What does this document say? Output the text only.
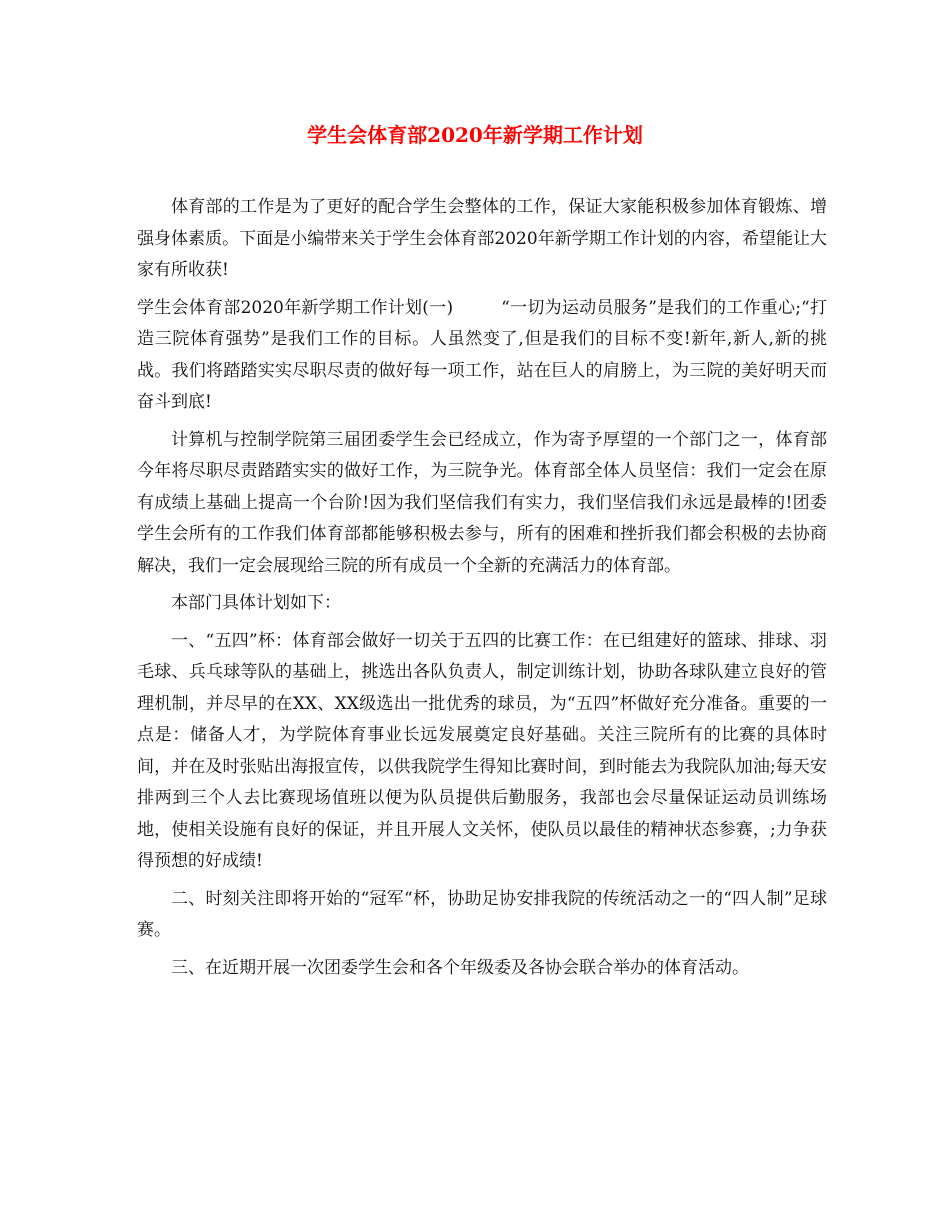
学生会体育部2020年新学期工作计划

体育部的工作是为了更好的配合学生会整体的工作，保证大家能积极参加体育锻炼、增强身体素质。下面是小编带来关于学生会体育部2020年新学期工作计划的内容，希望能让大家有所收获!

学生会体育部2020年新学期工作计划(一)	“一切为运动员服务”是我们的工作重心;“打造三院体育强势”是我们工作的目标。人虽然变了,但是我们的目标不变!新年,新人,新的挑战。我们将踏踏实实尽职尽责的做好每一项工作，站在巨人的肩膀上，为三院的美好明天而奋斗到底!

计算机与控制学院第三届团委学生会已经成立，作为寄予厚望的一个部门之一，体育部今年将尽职尽责踏踏实实的做好工作，为三院争光。体育部全体人员坚信：我们一定会在原有成绩上基础上提高一个台阶!因为我们坚信我们有实力，我们坚信我们永远是最棒的!团委学生会所有的工作我们体育部都能够积极去参与，所有的困难和挫折我们都会积极的去协商解决，我们一定会展现给三院的所有成员一个全新的充满活力的体育部。

本部门具体计划如下：

一、“五四”杯：体育部会做好一切关于五四的比赛工作：在已组建好的篮球、排球、羽毛球、兵乓球等队的基础上，挑选出各队负责人，制定训练计划，协助各球队建立良好的管理机制，并尽早的在XX、XX级选出一批优秀的球员，为“五四”杯做好充分准备。重要的一点是：储备人才，为学院体育事业长远发展奠定良好基础。关注三院所有的比赛的具体时间，并在及时张贴出海报宣传，以供我院学生得知比赛时间，到时能去为我院队加油;每天安排两到三个人去比赛现场值班以便为队员提供后勤服务，我部也会尽量保证运动员训练场地，使相关设施有良好的保证，并且开展人文关怀，使队员以最佳的精神状态参赛，;力争获得预想的好成绩!

二、时刻关注即将开始的“冠军“杯，协助足协安排我院的传统活动之一的“四人制”足球赛。

三、在近期开展一次团委学生会和各个年级委及各协会联合举办的体育活动。
